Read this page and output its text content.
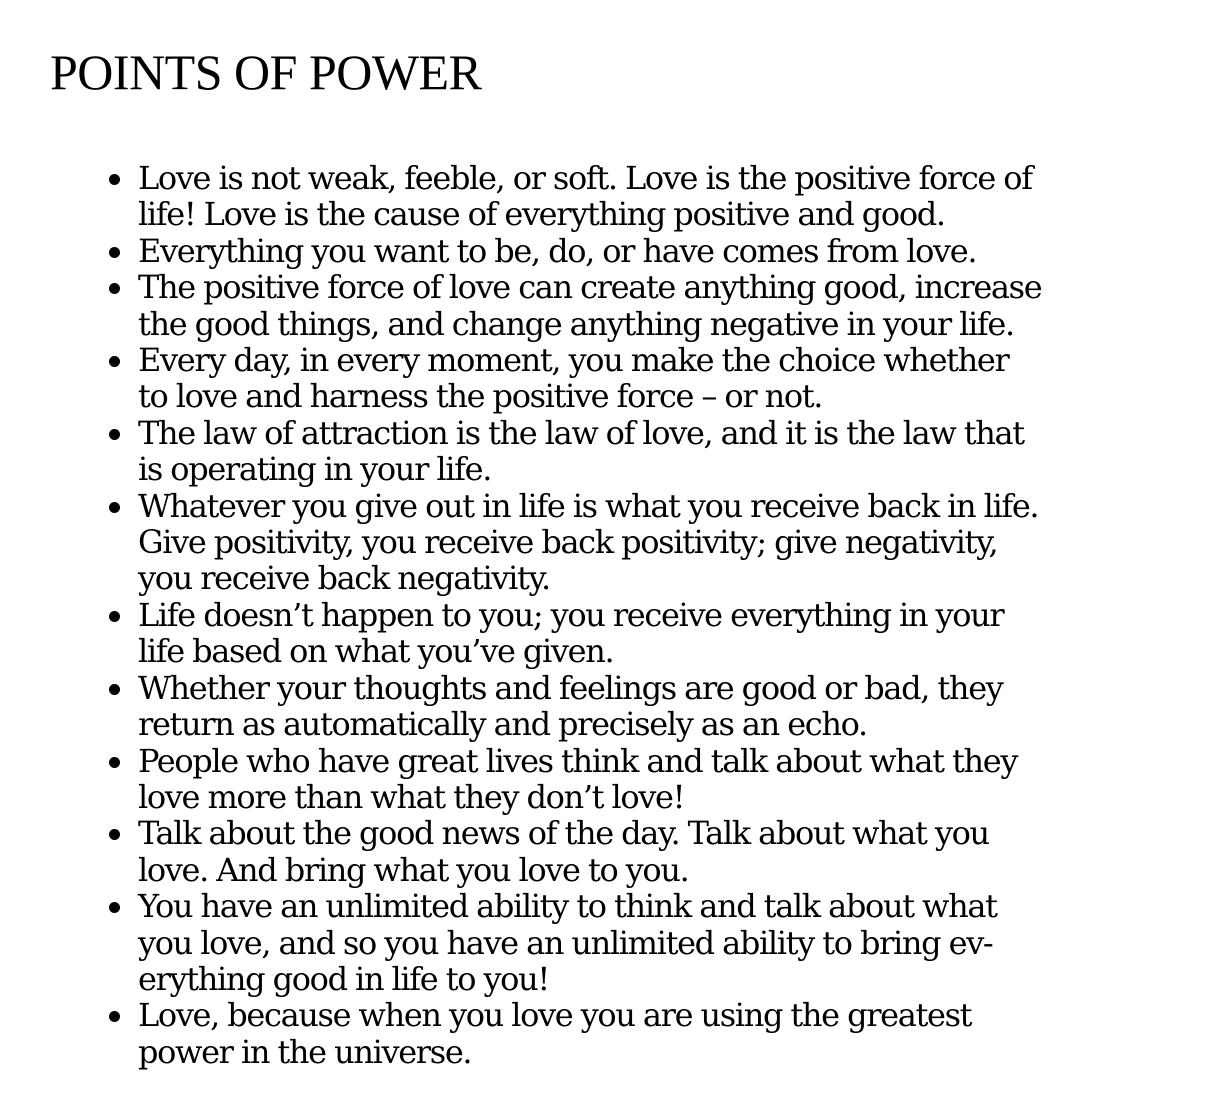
POINTS OF POWER
Love is not weak, feeble, or soft. Love is the positive force of
life! Love is the cause of everything positive and good.
Everything you want to be, do, or have comes from love.
The positive force of love can create anything good, increase
the good things, and change anything negative in your life.
Every day, in every moment, you make the choice whether
to love and harness the positive force – or not.
The law of attraction is the law of love, and it is the law that
is operating in your life.
Whatever you give out in life is what you receive back in life.
Give positivity, you receive back positivity; give negativity,
you receive back negativity.
Life doesn’t happen to you; you receive everything in your
life based on what you’ve given.
Whether your thoughts and feelings are good or bad, they
return as automatically and precisely as an echo.
People who have great lives think and talk about what they
love more than what they don’t love!
Talk about the good news of the day. Talk about what you
love. And bring what you love to you.
You have an unlimited ability to think and talk about what
you love, and so you have an unlimited ability to bring ev-
erything good in life to you!
Love, because when you love you are using the greatest
power in the universe.
